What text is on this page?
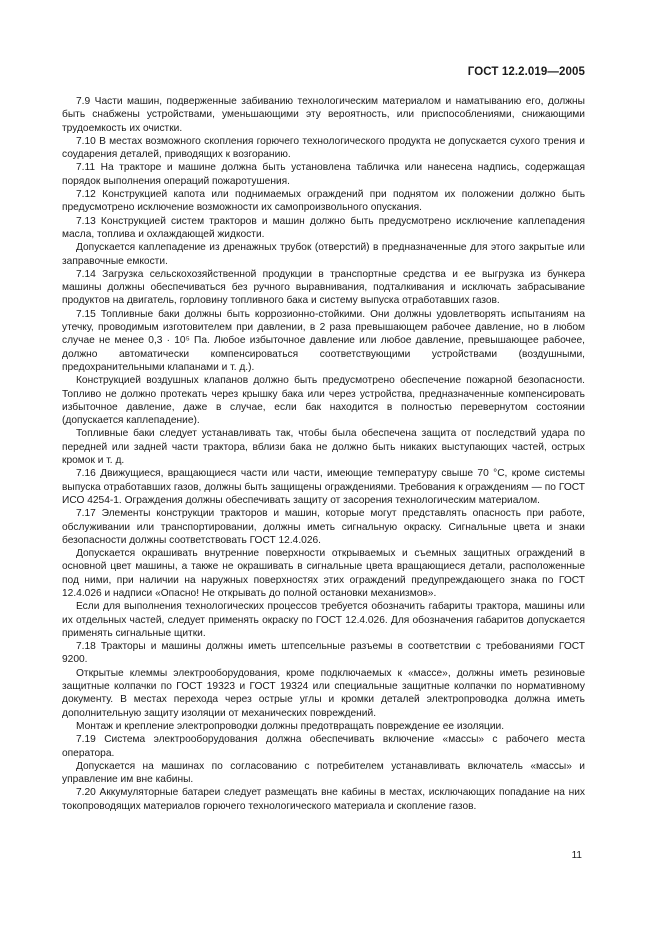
ГОСТ 12.2.019—2005

7.9 Части машин, подверженные забиванию технологическим материалом и наматыванию его, должны быть снабжены устройствами, уменьшающими эту вероятность, или приспособлениями, снижающими трудоемкость их очистки.

7.10 В местах возможного скопления горючего технологического продукта не допускается сухого трения и соударения деталей, приводящих к возгоранию.

7.11 На тракторе и машине должна быть установлена табличка или нанесена надпись, содержащая порядок выполнения операций пожаротушения.

7.12 Конструкцией капота или поднимаемых ограждений при поднятом их положении должно быть предусмотрено исключение возможности их самопроизвольного опускания.

7.13 Конструкцией систем тракторов и машин должно быть предусмотрено исключение каплепадения масла, топлива и охлаждающей жидкости.

Допускается каплепадение из дренажных трубок (отверстий) в предназначенные для этого закрытые или заправочные емкости.

7.14 Загрузка сельскохозяйственной продукции в транспортные средства и ее выгрузка из бункера машины должны обеспечиваться без ручного выравнивания, подталкивания и исключать забрасывание продуктов на двигатель, горловину топливного бака и систему выпуска отработавших газов.

7.15 Топливные баки должны быть коррозионно-стойкими. Они должны удовлетворять испытаниям на утечку, проводимым изготовителем при давлении, в 2 раза превышающем рабочее давление, но в любом случае не менее 0,3 · 10⁵ Па. Любое избыточное давление или любое давление, превышающее рабочее, должно автоматически компенсироваться соответствующими устройствами (воздушными, предохранительными клапанами и т. д.).

Конструкцией воздушных клапанов должно быть предусмотрено обеспечение пожарной безопасности. Топливо не должно протекать через крышку бака или через устройства, предназначенные компенсировать избыточное давление, даже в случае, если бак находится в полностью перевернутом состоянии (допускается каплепадение).

Топливные баки следует устанавливать так, чтобы была обеспечена защита от последствий удара по передней или задней части трактора, вблизи бака не должно быть никаких выступающих частей, острых кромок и т. д.

7.16 Движущиеся, вращающиеся части или части, имеющие температуру свыше 70 °С, кроме системы выпуска отработавших газов, должны быть защищены ограждениями. Требования к ограждениям — по ГОСТ ИСО 4254-1. Ограждения должны обеспечивать защиту от засорения технологическим материалом.

7.17 Элементы конструкции тракторов и машин, которые могут представлять опасность при работе, обслуживании или транспортировании, должны иметь сигнальную окраску. Сигнальные цвета и знаки безопасности должны соответствовать ГОСТ 12.4.026.

Допускается окрашивать внутренние поверхности открываемых и съемных защитных ограждений в основной цвет машины, а также не окрашивать в сигнальные цвета вращающиеся детали, расположенные под ними, при наличии на наружных поверхностях этих ограждений предупреждающего знака по ГОСТ 12.4.026 и надписи «Опасно! Не открывать до полной остановки механизмов».

Если для выполнения технологических процессов требуется обозначить габариты трактора, машины или их отдельных частей, следует применять окраску по ГОСТ 12.4.026. Для обозначения габаритов допускается применять сигнальные щитки.

7.18 Тракторы и машины должны иметь штепсельные разъемы в соответствии с требованиями ГОСТ 9200.

Открытые клеммы электрооборудования, кроме подключаемых к «массе», должны иметь резиновые защитные колпачки по ГОСТ 19323 и ГОСТ 19324 или специальные защитные колпачки по нормативному документу. В местах перехода через острые углы и кромки деталей электропроводка должна иметь дополнительную защиту изоляции от механических повреждений.

Монтаж и крепление электропроводки должны предотвращать повреждение ее изоляции.

7.19 Система электрооборудования должна обеспечивать включение «массы» с рабочего места оператора.

Допускается на машинах по согласованию с потребителем устанавливать включатель «массы» и управление им вне кабины.

7.20 Аккумуляторные батареи следует размещать вне кабины в местах, исключающих попадание на них токопроводящих материалов горючего технологического материала и скопление газов.

11
